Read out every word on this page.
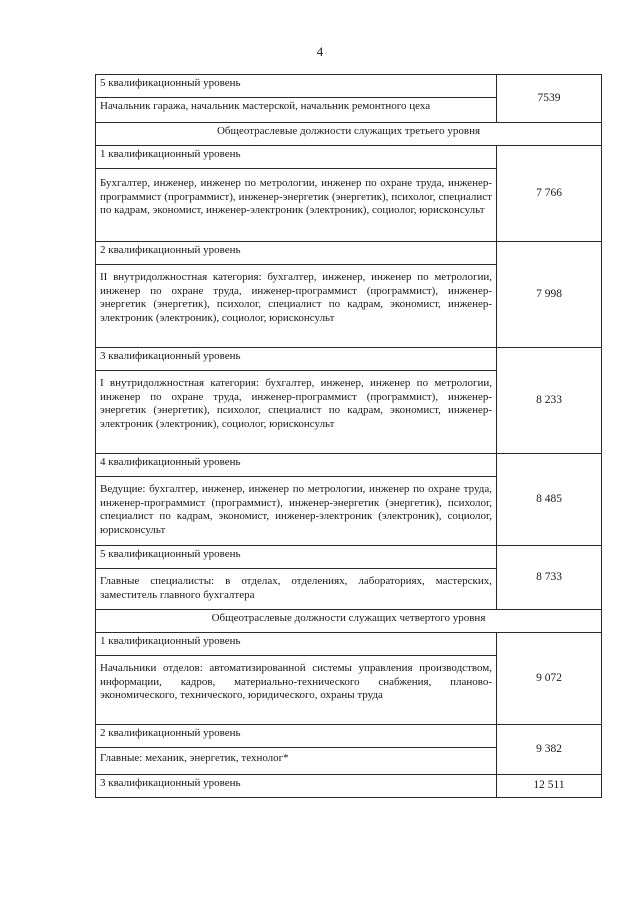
4
5 квалификационный уровень	7539
Начальник гаража, начальник мастерской, начальник ремонтного цеха	
Общеотраслевые должности служащих третьего уровня	
1 квалификационный уровень	7 766
Бухгалтер, инженер, инженер по метрологии, инженер по охране труда, инженер-программист (программист), инженер-энергетик (энергетик), психолог, специалист по кадрам, экономист, инженер-электроник (электроник), социолог, юрисконсульт	
2 квалификационный уровень	7 998
II внутридолжностная категория: бухгалтер, инженер, инженер по метрологии, инженер по охране труда, инженер-программист (программист), инженер-энергетик (энергетик), психолог, специалист по кадрам, экономист, инженер-электроник (электроник), социолог, юрисконсульт	
3 квалификационный уровень	8 233
I внутридолжностная категория: бухгалтер, инженер, инженер по метрологии, инженер по охране труда, инженер-программист (программист), инженер-энергетик (энергетик), психолог, специалист по кадрам, экономист, инженер-электроник (электроник), социолог, юрисконсульт	
4 квалификационный уровень	8 485
Ведущие: бухгалтер, инженер, инженер по метрологии, инженер по охране труда, инженер-программист (программист), инженер-энергетик (энергетик), психолог, специалист по кадрам, экономист, инженер-электроник (электроник), социолог, юрисконсульт	
5 квалификационный уровень	8 733
Главные специалисты: в отделах, отделениях, лабораториях, мастерских, заместитель главного бухгалтера	
Общеотраслевые должности служащих четвертого уровня	
1 квалификационный уровень	9 072
Начальники отделов: автоматизированной системы управления производством, информации, кадров, материально-технического снабжения, планово-экономического, технического, юридического, охраны труда	
2 квалификационный уровень	9 382
Главные: механик, энергетик, технолог*	
3 квалификационный уровень	12 511
